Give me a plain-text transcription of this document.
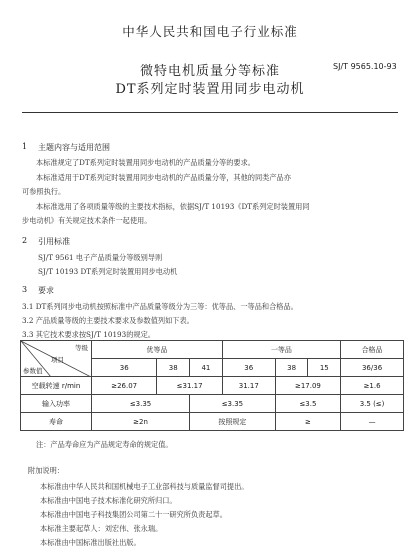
中华人民共和国电子行业标准
微特电机质量分等标准
DT系列定时装置用同步电动机
SJ/T 9565.10-93
1 主题内容与适用范围
本标准规定了DT系列定时装置用同步电动机的产品质量分等的要求。
本标准适用于DT系列定时装置用同步电动机的产品质量分等，其他的同类产品亦
可参照执行。
本标准选用了各项质量等级的主要技术指标，依据SJ/T 10193《DT系列定时装置用同
步电动机》有关规定技术条件一起使用。
2 引用标准
SJ/T 9561 电子产品质量分等级别导则
SJ/T 10193 DT系列定时装置用同步电动机
3 要求
3.1 DT系列同步电动机按照标准中产品质量等级分为三等：优等品、一等品和合格品。
3.2 产品质量等级的主要技术要求及参数值列如下表。
3.3 其它技术要求按SJ/T 10193的规定。
等级
项目
参数值	优等品			一等品			合格品
	36	38	41	36	38	15	36/36
空载转速 r/min	≥26.07	≤31.17		31.17	≥17.09		≥1.6
输入功率	≤3.35		≤3.35		≤3.5		3.5 (≤)
寿命	≥2n		按照规定		≥		—
注：产品寿命应为产品规定寿命的规定值。
附加说明：
本标准由中华人民共和国机械电子工业部科技与质量监督司提出。
本标准由中国电子技术标准化研究所归口。
本标准由中国电子科技集团公司第二十一研究所负责起草。
本标准主要起草人：刘宏伟、张永瑞。
本标准由中国标准出版社出版。
